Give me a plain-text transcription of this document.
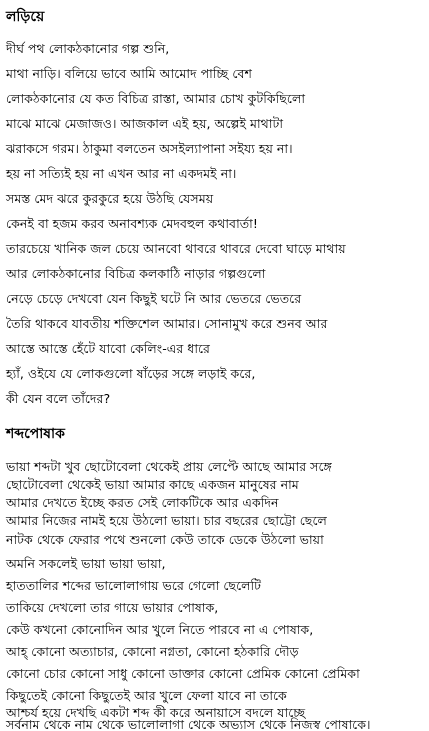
লড়িয়ে
দীর্ঘ পথ লোকঠকানোর গল্প শুনি,
মাথা নাড়ি। বলিয়ে ভাবে আমি আমোদ পাচ্ছি বেশ
লোকঠকানোর যে কত বিচিত্র রাস্তা, আমার চোখ কুটকিছিলো
মাঝে মাঝে মেজাজও। আজকাল এই হয়, অল্পেই মাথাটা
ঝরাকসে গরম। ঠাকুমা বলতেন অসইল্যাপানা সইয্য হয় না।
হয় না সত্যিই হয় না এখন আর না একদমই না।
সমস্ত মেদ ঝরে কুরকুরে হয়ে উঠছি যেসময়
কেনই বা হজম করব অনাবশ্যক মেদবহুল কথাবার্তা!
তারচেয়ে খানিক জল চেয়ে আনবো থাবরে থাবরে দেবো ঘাড়ে মাথায়
আর লোকঠকানোর বিচিত্র কলকাঠি নাড়ার গল্পগুলো
নেড়ে চেড়ে দেখবো যেন কিছুই ঘটে নি আর ভেতরে ভেতরে
তৈরি থাকবে যাবতীয় শক্তিশেল আমার। সোনামুখ করে শুনব আর
আস্তে আস্তে হেঁটে যাবো কেলিং-এর ধারে
হ্যাঁ, ওইযে যে লোকগুলো ষাঁড়ের সঙ্গে লড়াই করে,
কী যেন বলে তাঁদের?
শব্দপোষাক
ভায়া শব্দটা খুব ছোটোবেলা থেকেই প্রায় লেপ্টে আছে আমার সঙ্গে
ছোটোবেলা থেকেই ভায়া আমার কাছে একজন মানুষের নাম
আমার দেখতে ইচ্ছে করত সেই লোকটিকে আর একদিন
আমার নিজের নামই হয়ে উঠলো ভায়া। চার বছরের ছোট্টো ছেলে
নাটক থেকে ফেরার পথে শুনলো কেউ তাকে ডেকে উঠলো ভায়া
অমনি সকলেই ভায়া ভায়া ভায়া,
হাততালির শব্দের ভালোলাগায় ভরে গেলো ছেলেটি
তাকিয়ে দেখলো তার গায়ে ভায়ার পোষাক,
কেউ কখনো কোনোদিন আর খুলে নিতে পারবে না এ পোষাক,
আহ্‌ কোনো অত্যাচার, কোনো নগ্নতা, কোনো হঠকারি দৌড়
কোনো চোর কোনো সাধু কোনো ডাক্তার কোনো প্রেমিক কোনো প্রেমিকা
কিছুতেই কোনো কিছুতেই আর খুলে ফেলা যাবে না তাকে
আশ্চর্য হয়ে দেখছি একটা শব্দ কী করে অনায়াসে বদলে যাচ্ছে
সর্বনাম থেকে নাম থেকে ভালোলাগা থেকে অভ্যাস থেকে নিজস্ব পোষাকে।
